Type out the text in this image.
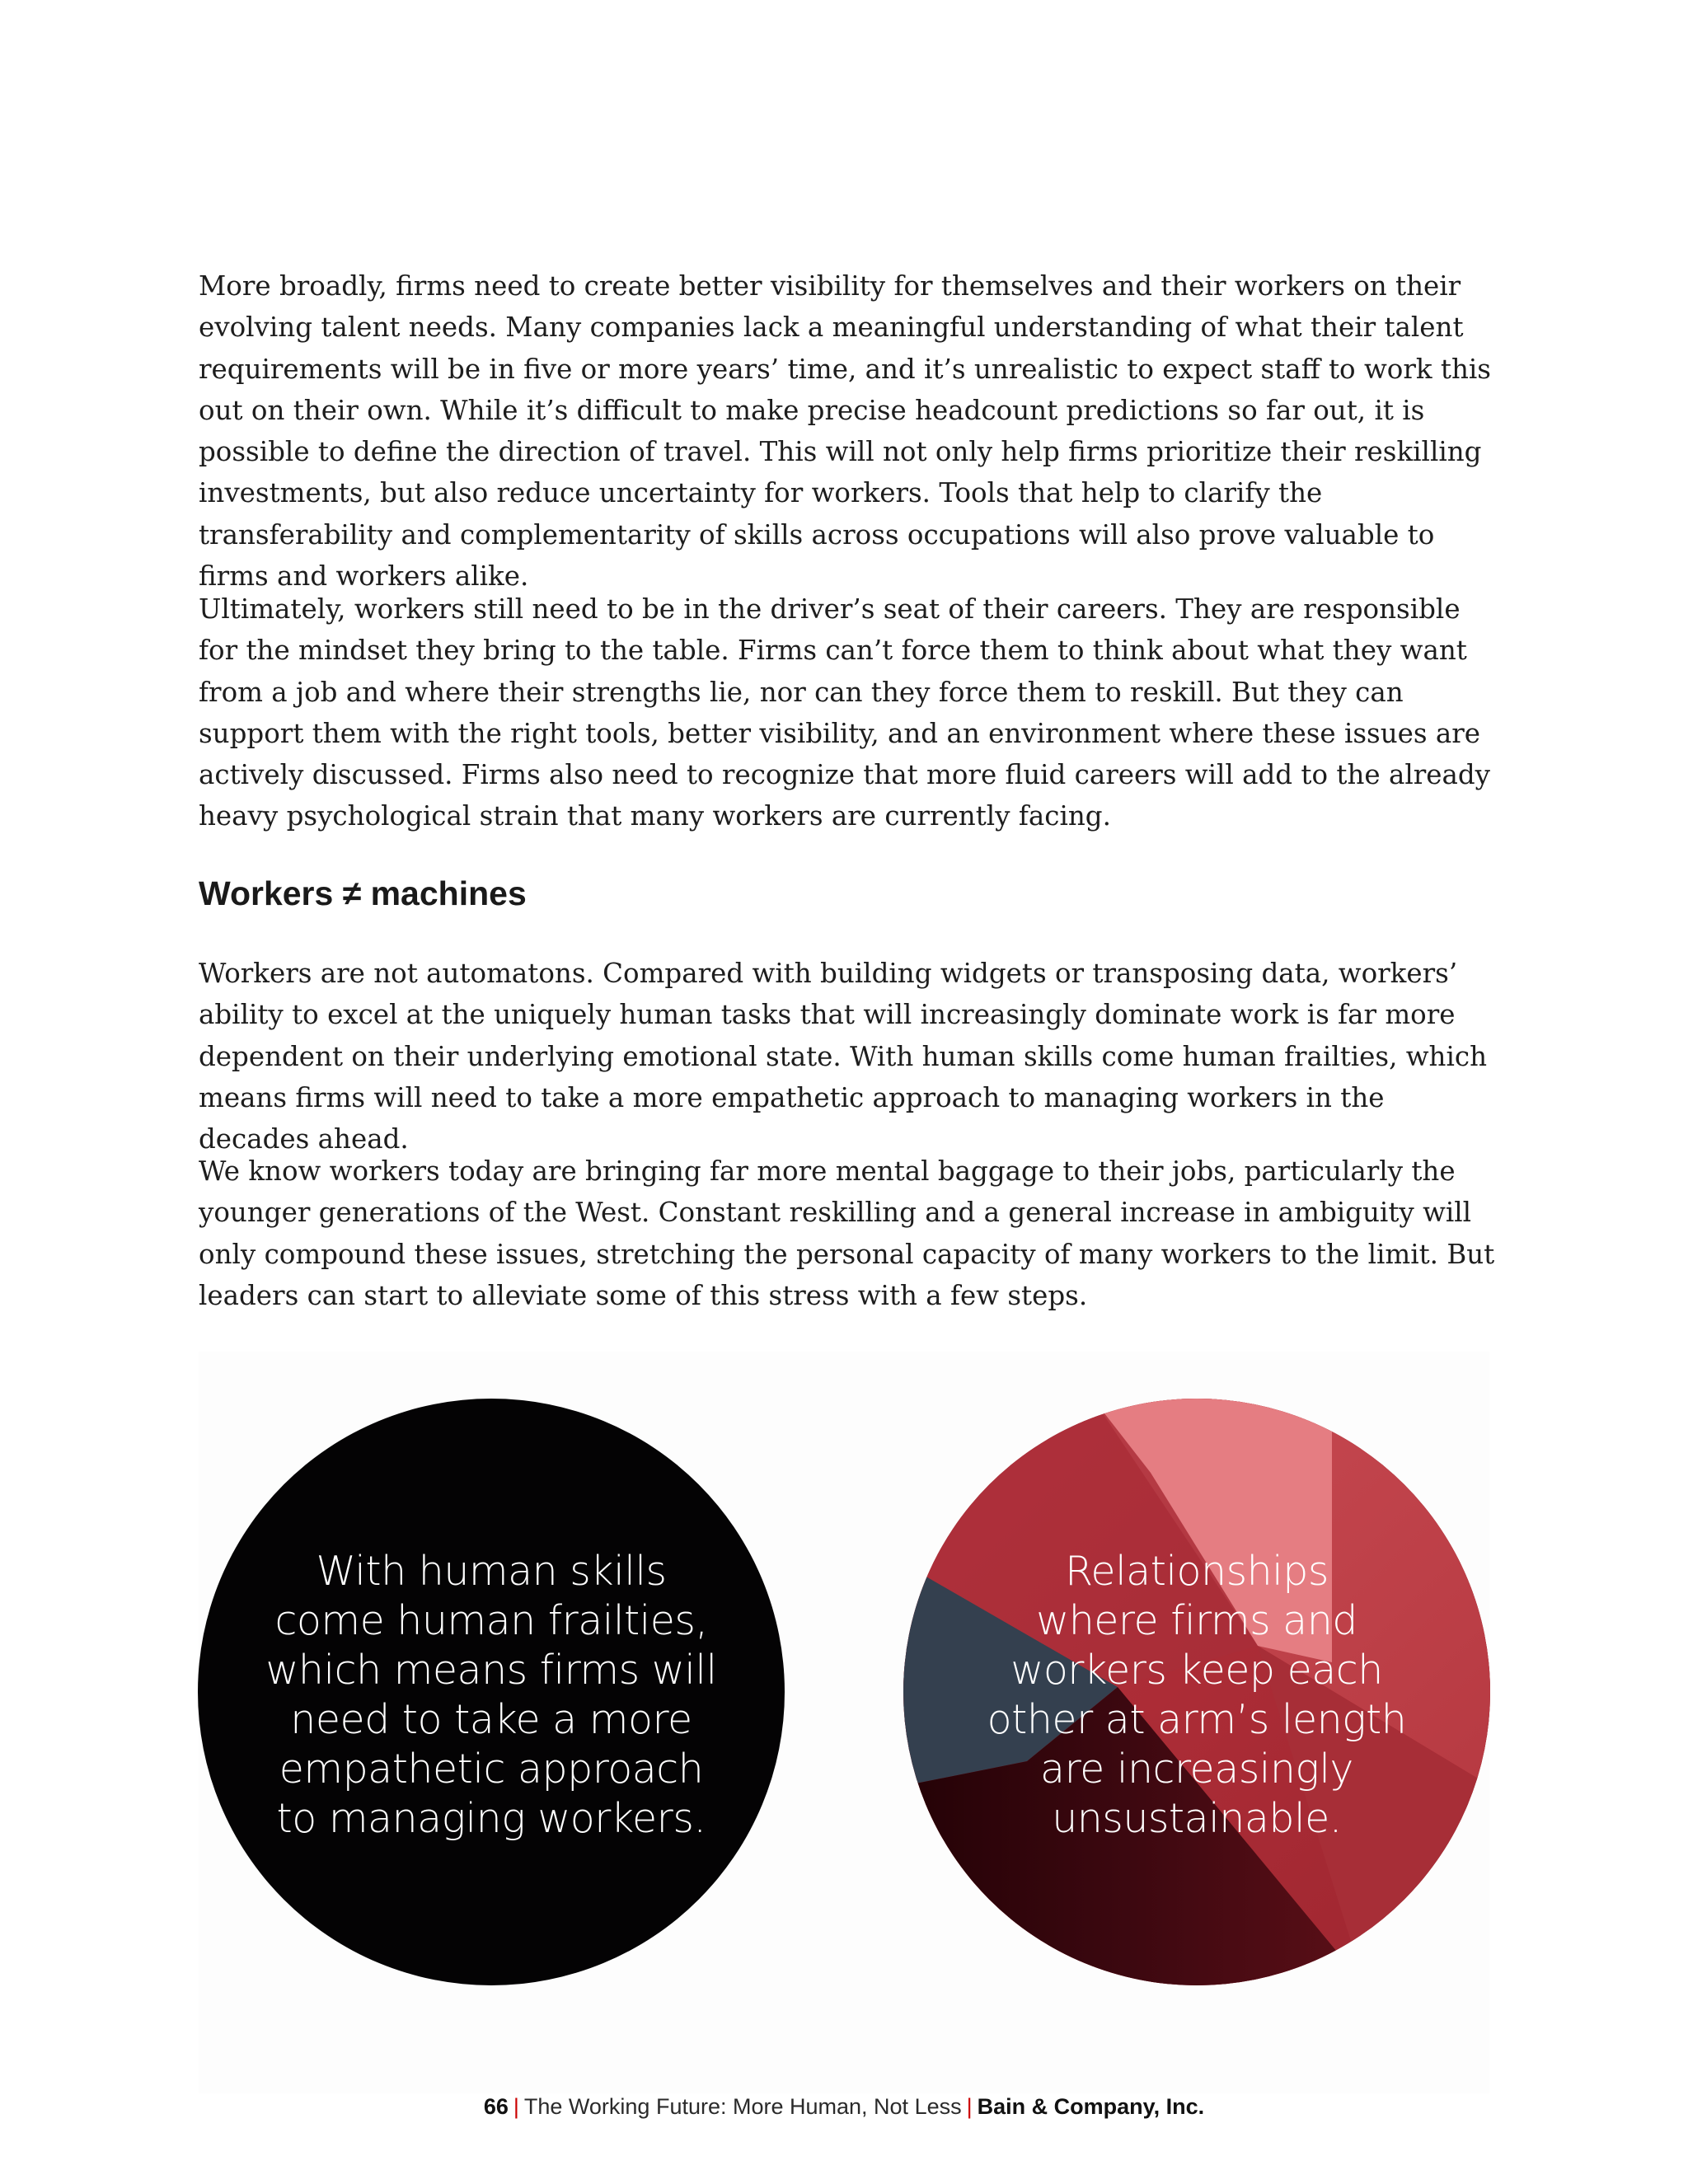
More broadly, firms need to create better visibility for themselves and their workers on their evolving talent needs. Many companies lack a meaningful understanding of what their talent requirements will be in five or more years’ time, and it’s unrealistic to expect staff to work this out on their own. While it’s difficult to make precise headcount predictions so far out, it is possible to define the direction of travel. This will not only help firms prioritize their reskilling investments, but also reduce uncertainty for workers. Tools that help to clarify the transferability and complementarity of skills across occupations will also prove valuable to firms and workers alike.

Ultimately, workers still need to be in the driver’s seat of their careers. They are responsible for the mindset they bring to the table. Firms can’t force them to think about what they want from a job and where their strengths lie, nor can they force them to reskill. But they can support them with the right tools, better visibility, and an environment where these issues are actively discussed. Firms also need to recognize that more fluid careers will add to the already heavy psychological strain that many workers are currently facing.

Workers ≠ machines

Workers are not automatons. Compared with building widgets or transposing data, workers’ ability to excel at the uniquely human tasks that will increasingly dominate work is far more dependent on their underlying emotional state. With human skills come human frailties, which means firms will need to take a more empathetic approach to managing workers in the decades ahead.

We know workers today are bringing far more mental baggage to their jobs, particularly the younger generations of the West. Constant reskilling and a general increase in ambiguity will only compound these issues, stretching the personal capacity of many workers to the limit. But leaders can start to alleviate some of this stress with a few steps.

With human skills
come human frailties,
which means firms will
need to take a more
empathetic approach
to managing workers.

Relationships
where firms and
workers keep each
other at arm’s length
are increasingly
unsustainable.

66 | The Working Future: More Human, Not Less | Bain & Company, Inc.
